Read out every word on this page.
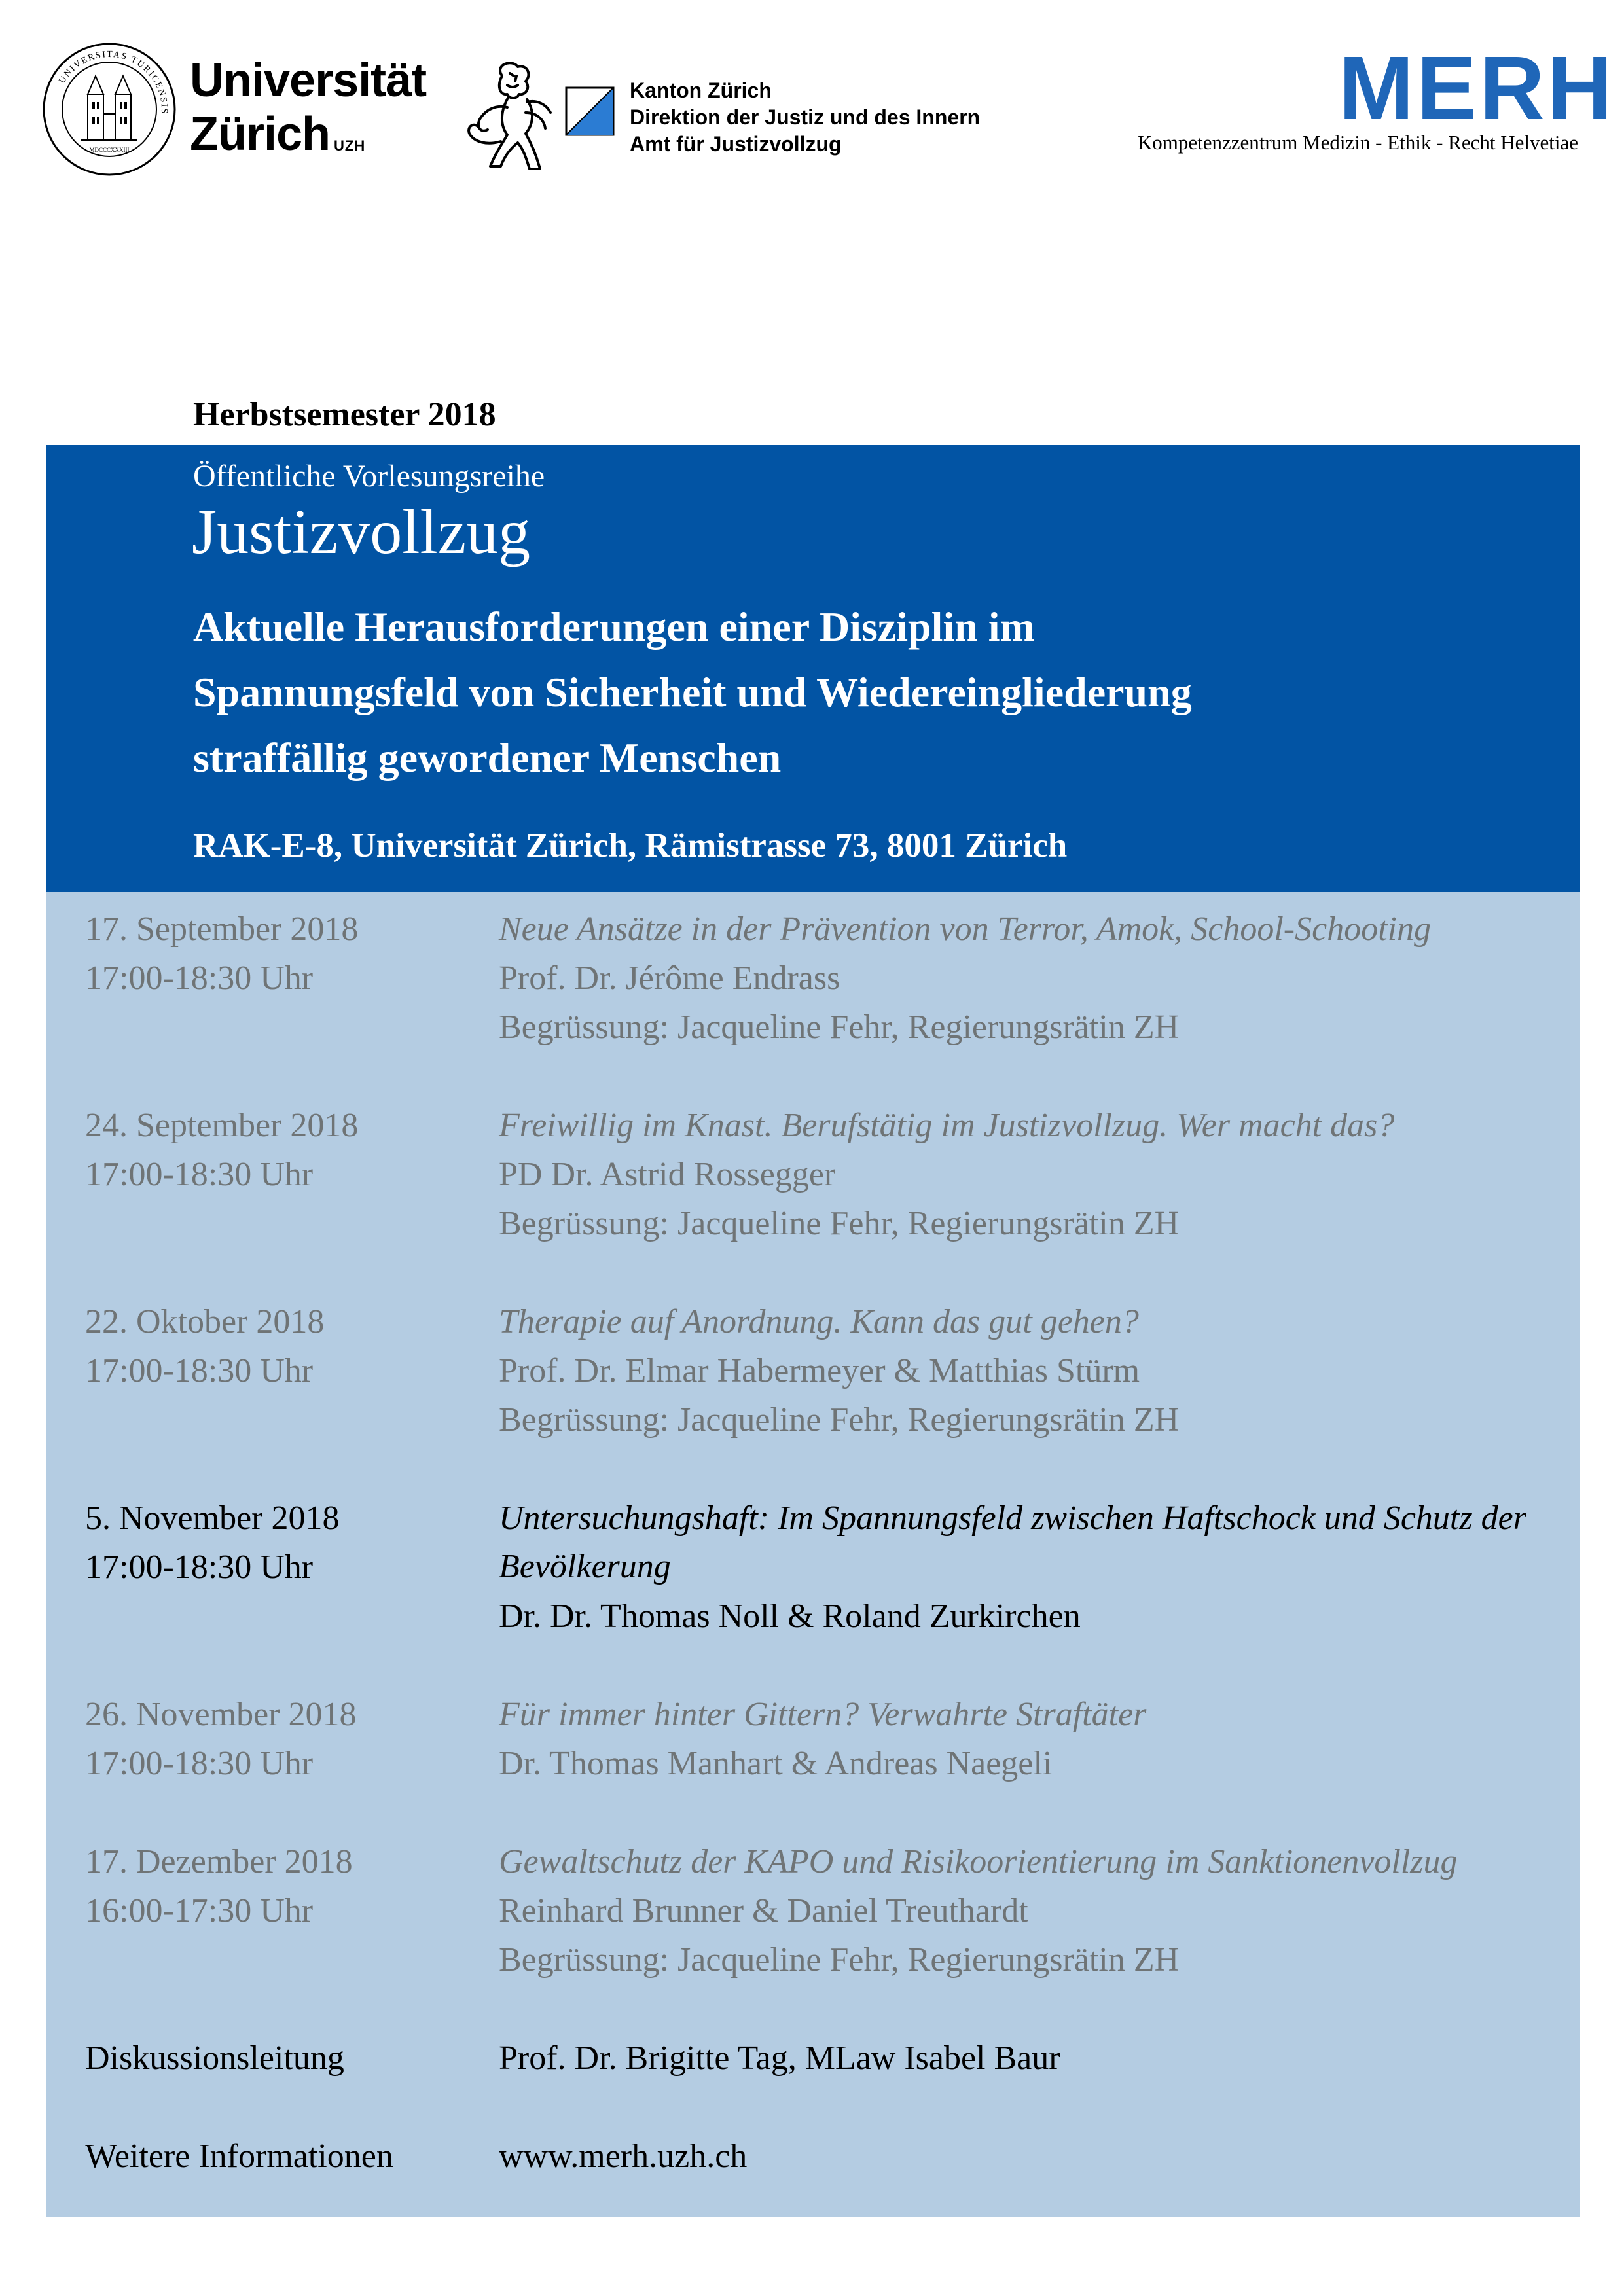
UNIVERSITAS TURICENSIS
MDCCCXXXIII
Universität
Zürich $^{UZH}$
Kanton Zürich
Direktion der Justiz und des Innern
Amt für Justizvollzug
MERH
Kompetenzzentrum Medizin - Ethik - Recht Helvetiae
Herbstsemester 2018
Öffentliche Vorlesungsreihe
Justizvollzug
Aktuelle Herausforderungen einer Disziplin im
Spannungsfeld von Sicherheit und Wiedereingliederung
straffällig gewordener Menschen
RAK-E-8, Universität Zürich, Rämistrasse 73, 8001 Zürich
17. September 2018
17:00-18:30 Uhr
Neue Ansätze in der Prävention von Terror, Amok, School-Schooting
Prof. Dr. Jérôme Endrass
Begrüssung: Jacqueline Fehr, Regierungsrätin ZH
24. September 2018
17:00-18:30 Uhr
Freiwillig im Knast. Berufstätig im Justizvollzug. Wer macht das?
PD Dr. Astrid Rossegger
Begrüssung: Jacqueline Fehr, Regierungsrätin ZH
22. Oktober 2018
17:00-18:30 Uhr
Therapie auf Anordnung. Kann das gut gehen?
Prof. Dr. Elmar Habermeyer & Matthias Stürm
Begrüssung: Jacqueline Fehr, Regierungsrätin ZH
5. November 2018
17:00-18:30 Uhr
Untersuchungshaft: Im Spannungsfeld zwischen Haftschock und Schutz der Bevölkerung
Dr. Dr. Thomas Noll & Roland Zurkirchen
26. November 2018
17:00-18:30 Uhr
Für immer hinter Gittern? Verwahrte Straftäter
Dr. Thomas Manhart & Andreas Naegeli
17. Dezember 2018
16:00-17:30 Uhr
Gewaltschutz der KAPO und Risikoorientierung im Sanktionenvollzug
Reinhard Brunner & Daniel Treuthardt
Begrüssung: Jacqueline Fehr, Regierungsrätin ZH
Diskussionsleitung	Prof. Dr. Brigitte Tag, MLaw Isabel Baur
Weitere Informationen	www.merh.uzh.ch
